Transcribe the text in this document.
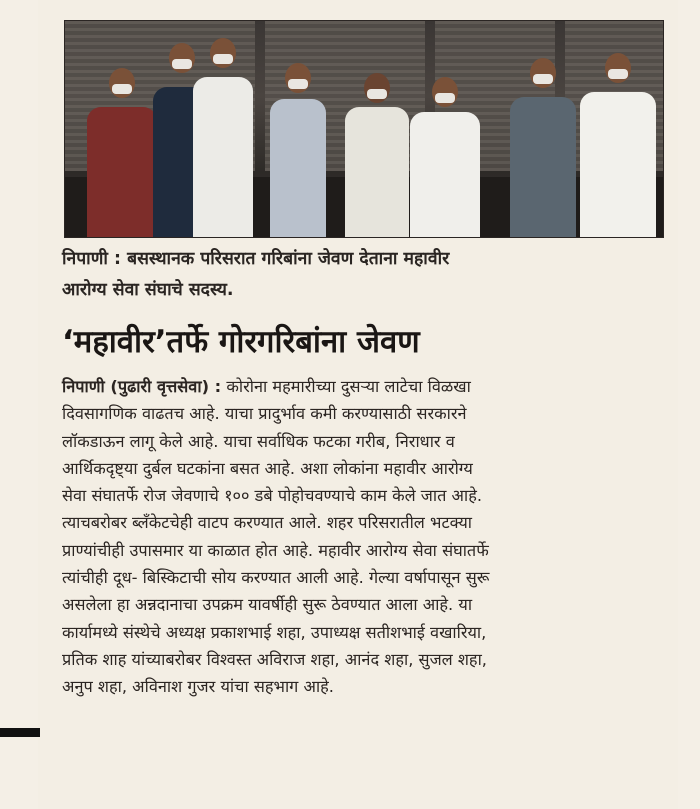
निपाणी : बसस्थानक परिसरात गरिबांना जेवण देताना महावीर
आरोग्य सेवा संघाचे सदस्य.
‘महावीर’तर्फे गोरगरिबांना जेवण
निपाणी (पुढारी वृत्तसेवा) : कोरोना महमारीच्या दुसऱ्या लाटेचा विळखा
दिवसागणिक वाढतच आहे. याचा प्रादुर्भाव कमी करण्यासाठी सरकारने
लॉकडाऊन लागू केले आहे. याचा सर्वाधिक फटका गरीब, निराधार व
आर्थिकदृष्ट्या दुर्बल घटकांना बसत आहे. अशा लोकांना महावीर आरोग्य
सेवा संघातर्फे रोज जेवणाचे १०० डबे पोहोचवण्याचे काम केले जात आहे.
त्याचबरोबर ब्लँकेटचेही वाटप करण्यात आले. शहर परिसरातील भटक्या
प्राण्यांचीही उपासमार या काळात होत आहे. महावीर आरोग्य सेवा संघातर्फे
त्यांचीही दूध- बिस्किटाची सोय करण्यात आली आहे. गेल्या वर्षापासून सुरू
असलेला हा अन्नदानाचा उपक्रम यावर्षीही सुरू ठेवण्यात आला आहे. या
कार्यामध्ये संस्थेचे अध्यक्ष प्रकाशभाई शहा, उपाध्यक्ष सतीशभाई वखारिया,
प्रतिक शाह यांच्याबरोबर विश्वस्त अविराज शहा, आनंद शहा, सुजल शहा,
अनुप शहा, अविनाश गुजर यांचा सहभाग आहे.
